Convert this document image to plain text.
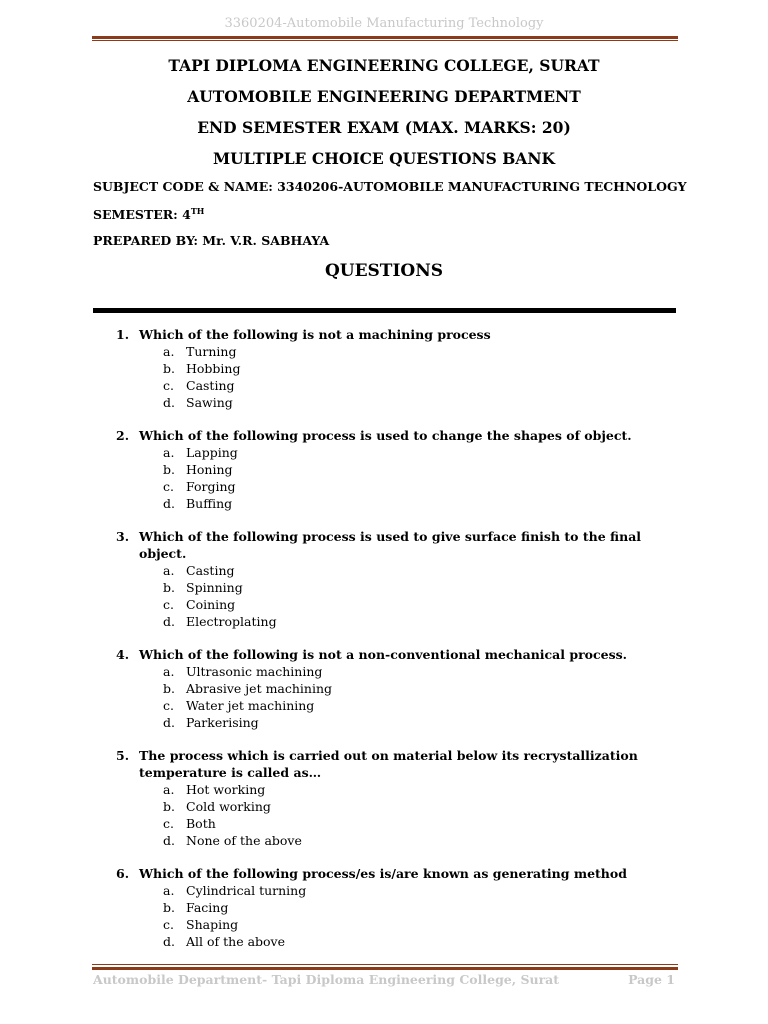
3360204-Automobile Manufacturing Technology
TAPI DIPLOMA ENGINEERING COLLEGE, SURAT
AUTOMOBILE ENGINEERING DEPARTMENT
END SEMESTER EXAM (MAX. MARKS: 20)
MULTIPLE CHOICE QUESTIONS BANK
SUBJECT CODE & NAME: 3340206-AUTOMOBILE MANUFACTURING TECHNOLOGY
SEMESTER: 4TH
PREPARED BY: Mr. V.R. SABHAYA
QUESTIONS
1. Which of the following is not a machining process
a. Turning
b. Hobbing
c. Casting
d. Sawing
2. Which of the following process is used to change the shapes of object.
a. Lapping
b. Honing
c. Forging
d. Buffing
3. Which of the following process is used to give surface finish to the final object.
a. Casting
b. Spinning
c. Coining
d. Electroplating
4. Which of the following is not a non-conventional mechanical process.
a. Ultrasonic machining
b. Abrasive jet machining
c. Water jet machining
d. Parkerising
5. The process which is carried out on material below its recrystallization temperature is called as…
a. Hot working
b. Cold working
c. Both
d. None of the above
6. Which of the following process/es is/are known as generating method
a. Cylindrical turning
b. Facing
c. Shaping
d. All of the above
Automobile Department- Tapi Diploma Engineering College, Surat	Page 1
